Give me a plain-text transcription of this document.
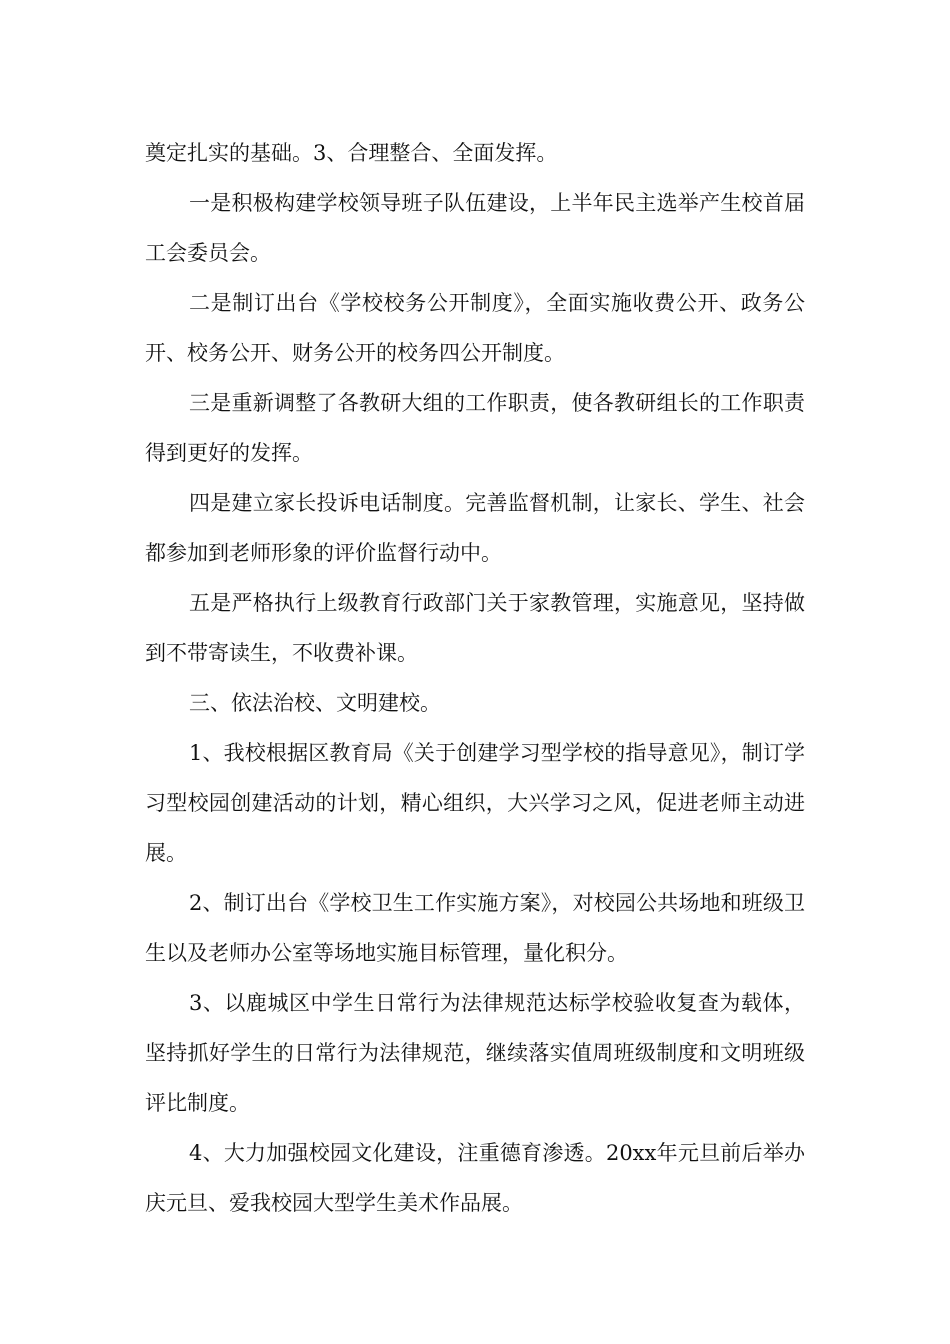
奠定扎实的基础。3、合理整合、全面发挥。

一是积极构建学校领导班子队伍建设，上半年民主选举产生校首届工会委员会。

二是制订出台《学校校务公开制度》，全面实施收费公开、政务公开、校务公开、财务公开的校务四公开制度。

三是重新调整了各教研大组的工作职责，使各教研组长的工作职责得到更好的发挥。

四是建立家长投诉电话制度。完善监督机制，让家长、学生、社会都参加到老师形象的评价监督行动中。

五是严格执行上级教育行政部门关于家教管理，实施意见，坚持做到不带寄读生，不收费补课。

三、依法治校、文明建校。

1、我校根据区教育局《关于创建学习型学校的指导意见》，制订学习型校园创建活动的计划，精心组织，大兴学习之风，促进老师主动进展。

2、制订出台《学校卫生工作实施方案》，对校园公共场地和班级卫生以及老师办公室等场地实施目标管理，量化积分。

3、以鹿城区中学生日常行为法律规范达标学校验收复查为载体，坚持抓好学生的日常行为法律规范，继续落实值周班级制度和文明班级评比制度。

4、大力加强校园文化建设，注重德育渗透。20xx年元旦前后举办庆元旦、爱我校园大型学生美术作品展。
